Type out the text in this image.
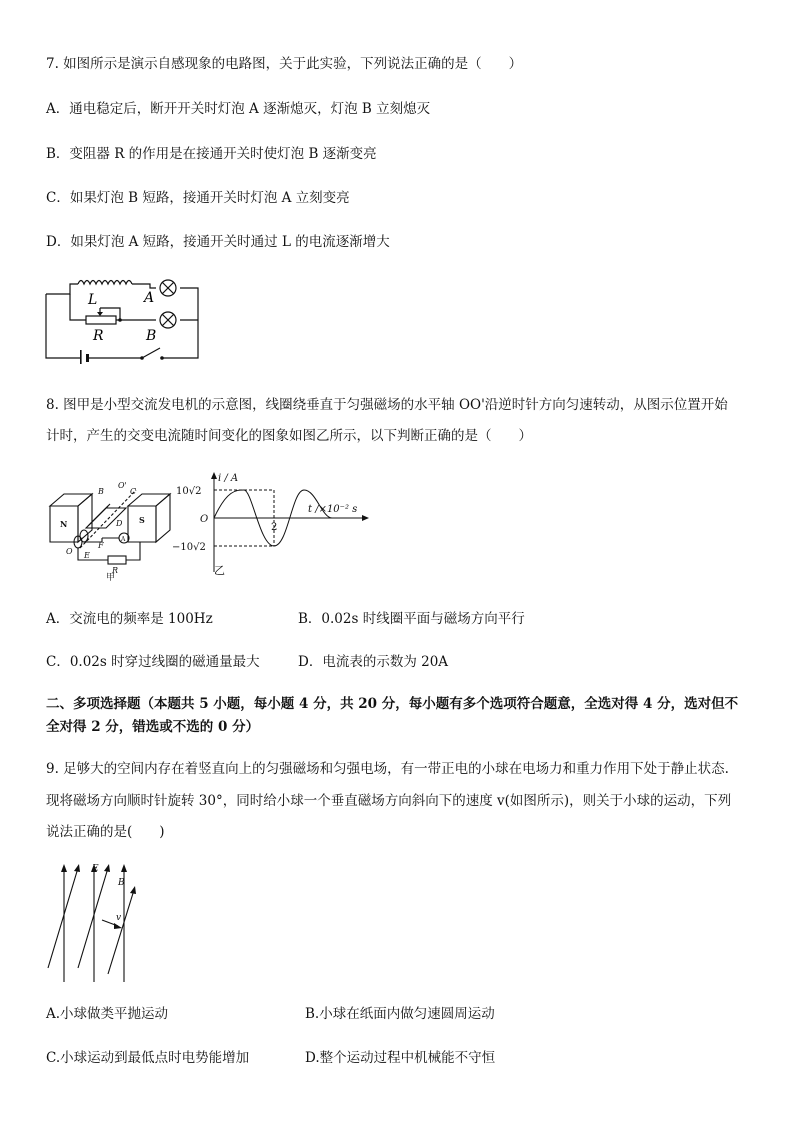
7. 如图所示是演示自感现象的电路图，关于此实验，下列说法正确的是（　　）
A．通电稳定后，断开开关时灯泡 A 逐渐熄灭，灯泡 B 立刻熄灭
B．变阻器 R 的作用是在接通开关时使灯泡 B 逐渐变亮
C．如果灯泡 B 短路，接通开关时灯泡 A 立刻变亮
D．如果灯泡 A 短路，接通开关时通过 L 的电流逐渐增大
L	A
R	B
8. 图甲是小型交流发电机的示意图，线圈绕垂直于匀强磁场的水平轴 OO'沿逆时针方向匀速转动，从图示位置开始
计时，产生的交变电流随时间变化的图象如图乙所示，以下判断正确的是（　　）
N	S
B	C
O'
D
O
F
E
R
A
甲
i / A
t /×10⁻² s
10√2
−10√2
O
2
乙
A．交流电的频率是 100Hz	B．0.02s 时线圈平面与磁场方向平行
C．0.02s 时穿过线圈的磁通量最大	D．电流表的示数为 20A
二、多项选择题（本题共 5 小题，每小题 4 分，共 20 分，每小题有多个选项符合题意，全选对得 4 分，选对但不
全对得 2 分，错选或不选的 0 分）
9. 足够大的空间内存在着竖直向上的匀强磁场和匀强电场，有一带正电的小球在电场力和重力作用下处于静止状态.
现将磁场方向顺时针旋转 30°，同时给小球一个垂直磁场方向斜向下的速度 v(如图所示)，则关于小球的运动，下列
说法正确的是(　　)
E
B
v
A.小球做类平抛运动	B.小球在纸面内做匀速圆周运动
C.小球运动到最低点时电势能增加	D.整个运动过程中机械能不守恒
